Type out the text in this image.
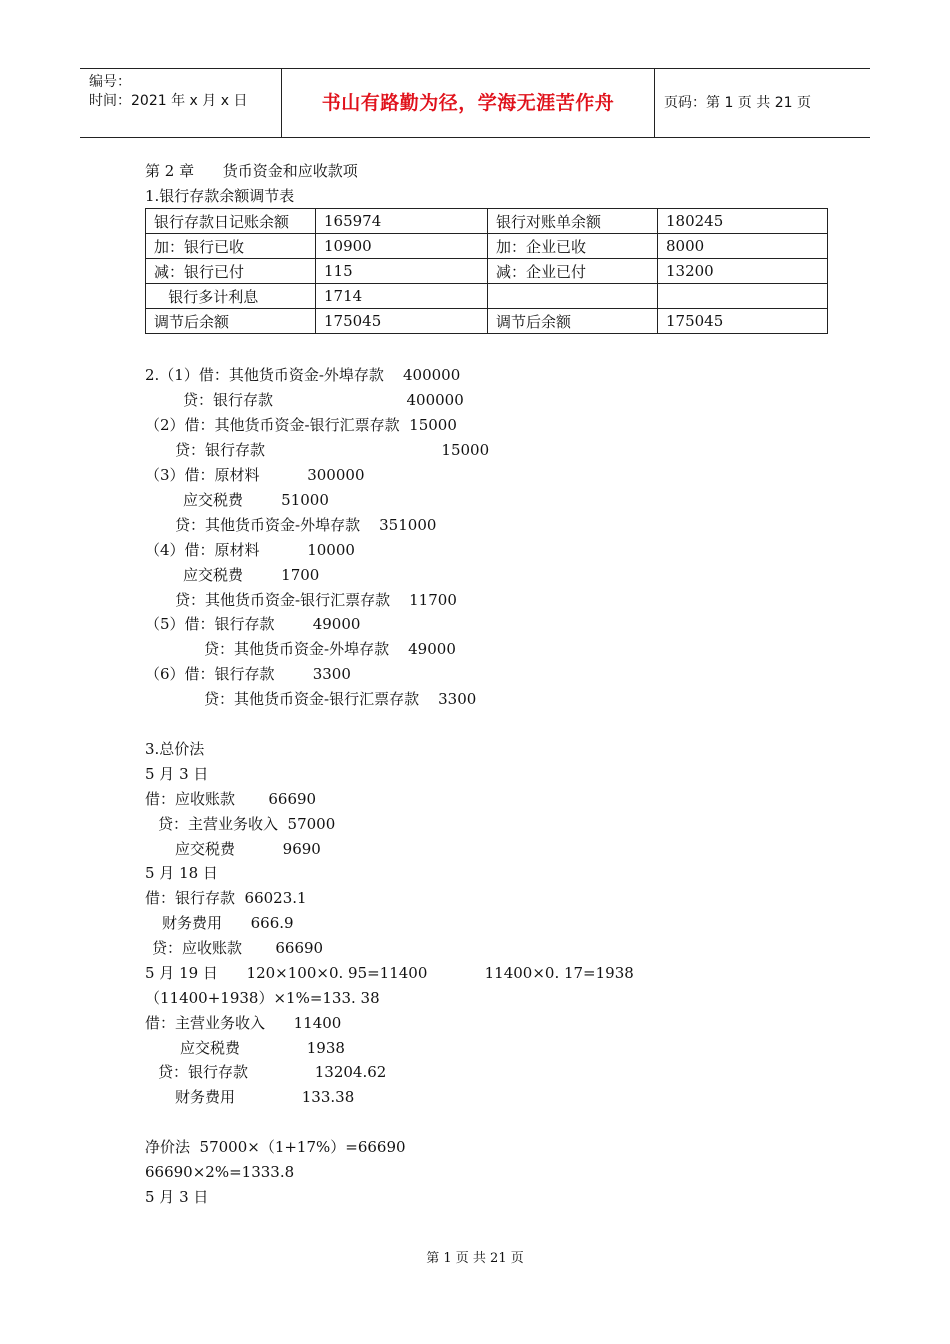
编号：
时间：2021 年 x 月 x 日	书山有路勤为径，学海无涯苦作舟	页码：第 1 页 共 21 页
第 2 章      货币资金和应收款项
1.银行存款余额调节表
银行存款日记账余额	165974	银行对账单余额	180245
加：银行已收	10900	加：企业已收	8000
减：银行已付	115	减：企业已付	13200
银行多计利息	1714		
调节后余额	175045	调节后余额	175045
2.（1）借：其他货币资金-外埠存款    400000
贷：银行存款                            400000
（2）借：其他货币资金-银行汇票存款  15000
贷：银行存款                                     15000
（3）借：原材料          300000
应交税费        51000
贷：其他货币资金-外埠存款    351000
（4）借：原材料          10000
应交税费        1700
贷：其他货币资金-银行汇票存款    11700
（5）借：银行存款        49000
贷：其他货币资金-外埠存款    49000
（6）借：银行存款        3300
贷：其他货币资金-银行汇票存款    3300
3.总价法
5 月 3 日
借：应收账款       66690
贷：主营业务收入  57000
应交税费          9690
5 月 18 日
借：银行存款  66023.1
财务费用      666.9
贷：应收账款       66690
5 月 19 日      120×100×0. 95=11400            11400×0. 17=1938
（11400+1938）×1%=133. 38
借：主营业务收入      11400
应交税费              1938
贷：银行存款              13204.62
财务费用              133.38
净价法  57000×（1+17%）=66690
66690×2%=1333.8
5 月 3 日
第 1 页 共 21 页
